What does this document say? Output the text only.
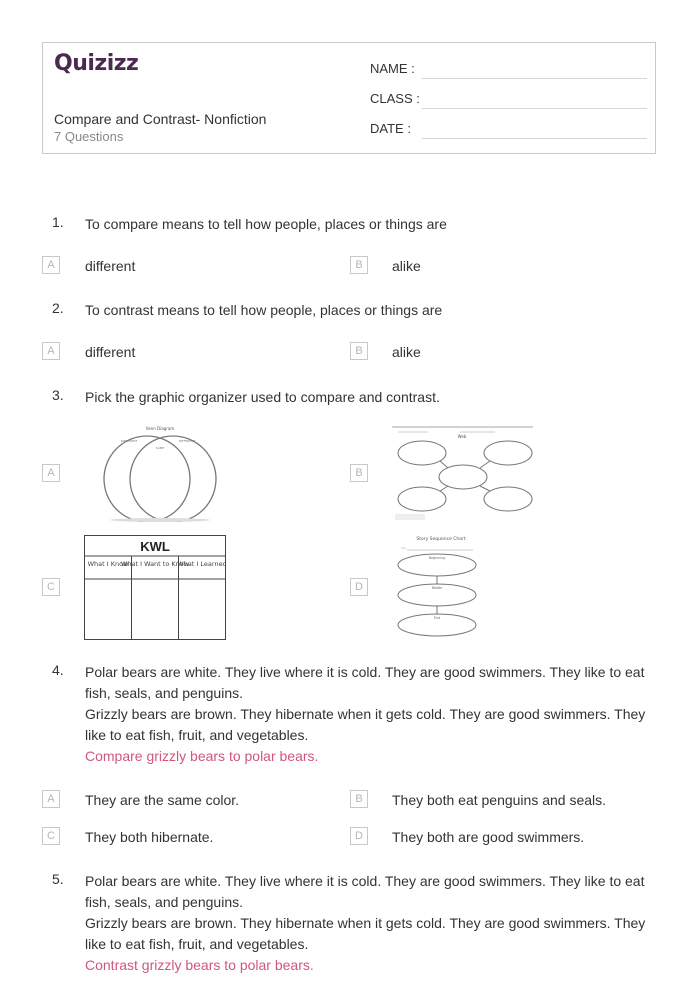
Quizizz
Compare and Contrast- Nonfiction
7 Questions
NAME :
CLASS :
DATE :
1. To compare means to tell how people, places or things are
A	different	B	alike
2. To contrast means to tell how people, places or things are
A	different	B	alike
3. Pick the graphic organizer used to compare and contrast.
A
Venn Diagram
DIFFERENT
SAME
DIFFERENT
B
Web
C
KWL
What I Know
What I Want to Know
What I Learned
D
Story Sequence Chart
Beginning
Middle
End
4. Polar bears are white. They live where it is cold. They are good swimmers. They like to eat fish, seals, and penguins.
Grizzly bears are brown. They hibernate when it gets cold. They are good swimmers. They like to eat fish, fruit, and vegetables.
Compare grizzly bears to polar bears.
A	They are the same color.	B	They both eat penguins and seals.
C	They both hibernate.	D	They both are good swimmers.
5. Polar bears are white. They live where it is cold. They are good swimmers. They like to eat fish, seals, and penguins.
Grizzly bears are brown. They hibernate when it gets cold. They are good swimmers. They like to eat fish, fruit, and vegetables.
Contrast grizzly bears to polar bears.
